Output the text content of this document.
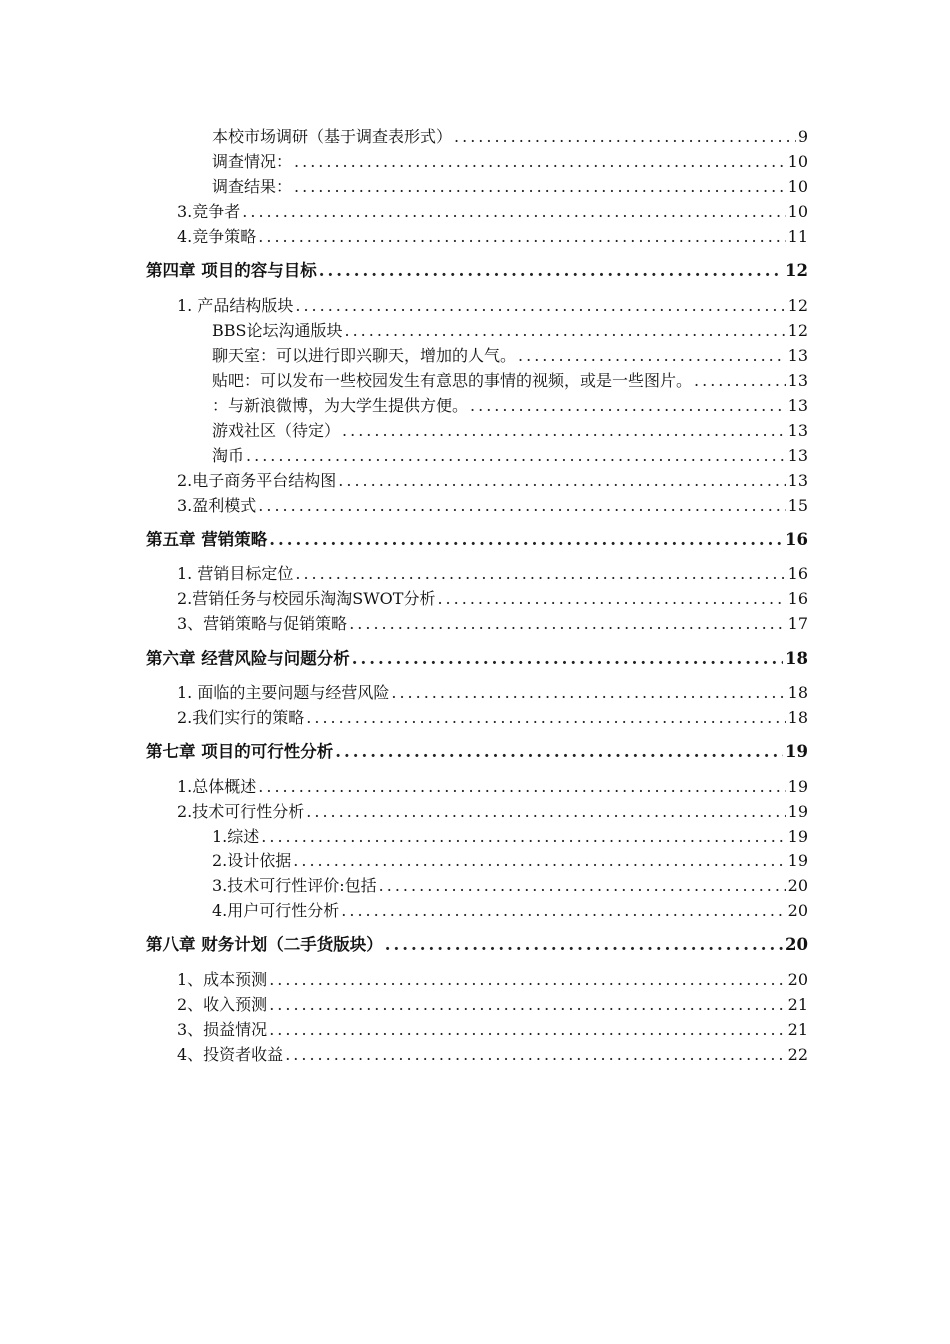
本校市场调研（基于调查表形式） .....	9
调查情况： .....	10
调查结果： .....	10
3.竞争者 .....	10
4.竞争策略 .....	11
第四章 项目的容与目标 .....	12
1. 产品结构版块 .....	12
BBS论坛沟通版块 .....	12
聊天室：可以进行即兴聊天，增加的人气。 .....	13
贴吧：可以发布一些校园发生有意思的事情的视频，或是一些图片。 .....	13
：与新浪微博，为大学生提供方便。 .....	13
游戏社区（待定） .....	13
淘币 .....	13
2.电子商务平台结构图 .....	13
3.盈利模式 .....	15
第五章 营销策略 .....	16
1. 营销目标定位 .....	16
2.营销任务与校园乐淘淘SWOT分析 .....	16
3、营销策略与促销策略 .....	17
第六章 经营风险与问题分析 .....	18
1. 面临的主要问题与经营风险 .....	18
2.我们实行的策略 .....	18
第七章 项目的可行性分析 .....	19
1.总体概述 .....	19
2.技术可行性分析 .....	19
1.综述 .....	19
2.设计依据 .....	19
3.技术可行性评价:包括 .....	20
4.用户可行性分析 .....	20
第八章 财务计划（二手货版块） .....	20
1、成本预测 .....	20
2、收入预测 .....	21
3、损益情况 .....	21
4、投资者收益 .....	22
